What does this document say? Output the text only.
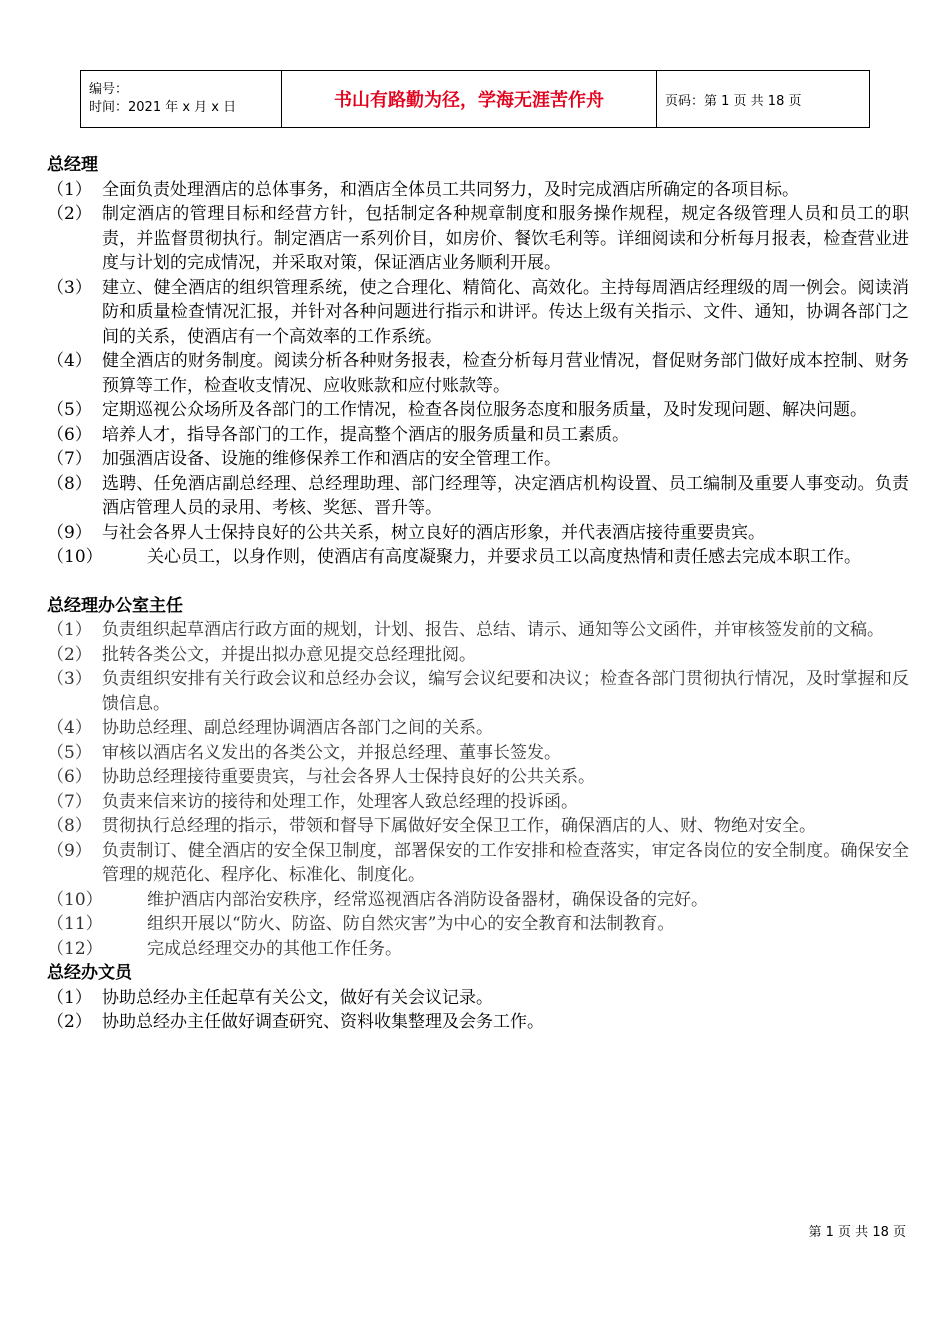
编号：
时间：2021 年 x 月 x 日	书山有路勤为径，学海无涯苦作舟	页码：第 1 页 共 18 页
总经理
（1） 全面负责处理酒店的总体事务，和酒店全体员工共同努力，及时完成酒店所确定的各项目标。
（2） 制定酒店的管理目标和经营方针，包括制定各种规章制度和服务操作规程，规定各级管理人员和员工的职责，并监督贯彻执行。制定酒店一系列价目，如房价、餐饮毛利等。详细阅读和分析每月报表，检查营业进度与计划的完成情况，并采取对策，保证酒店业务顺利开展。
（3） 建立、健全酒店的组织管理系统，使之合理化、精简化、高效化。主持每周酒店经理级的周一例会。阅读消防和质量检查情况汇报，并针对各种问题进行指示和讲评。传达上级有关指示、文件、通知，协调各部门之间的关系，使酒店有一个高效率的工作系统。
（4） 健全酒店的财务制度。阅读分析各种财务报表，检查分析每月营业情况，督促财务部门做好成本控制、财务预算等工作，检查收支情况、应收账款和应付账款等。
（5） 定期巡视公众场所及各部门的工作情况，检查各岗位服务态度和服务质量，及时发现问题、解决问题。
（6） 培养人才，指导各部门的工作，提高整个酒店的服务质量和员工素质。
（7） 加强酒店设备、设施的维修保养工作和酒店的安全管理工作。
（8） 选聘、任免酒店副总经理、总经理助理、部门经理等，决定酒店机构设置、员工编制及重要人事变动。负责酒店管理人员的录用、考核、奖惩、晋升等。
（9） 与社会各界人士保持良好的公共关系，树立良好的酒店形象，并代表酒店接待重要贵宾。
（10）	关心员工，以身作则，使酒店有高度凝聚力，并要求员工以高度热情和责任感去完成本职工作。
总经理办公室主任
（1） 负责组织起草酒店行政方面的规划，计划、报告、总结、请示、通知等公文函件，并审核签发前的文稿。
（2） 批转各类公文，并提出拟办意见提交总经理批阅。
（3） 负责组织安排有关行政会议和总经办会议，编写会议纪要和决议；检查各部门贯彻执行情况，及时掌握和反馈信息。
（4） 协助总经理、副总经理协调酒店各部门之间的关系。
（5） 审核以酒店名义发出的各类公文，并报总经理、董事长签发。
（6） 协助总经理接待重要贵宾，与社会各界人士保持良好的公共关系。
（7） 负责来信来访的接待和处理工作，处理客人致总经理的投诉函。
（8） 贯彻执行总经理的指示，带领和督导下属做好安全保卫工作，确保酒店的人、财、物绝对安全。
（9） 负责制订、健全酒店的安全保卫制度，部署保安的工作安排和检查落实，审定各岗位的安全制度。确保安全管理的规范化、程序化、标准化、制度化。
（10）	维护酒店内部治安秩序，经常巡视酒店各消防设备器材，确保设备的完好。
（11）	组织开展以“防火、防盗、防自然灾害”为中心的安全教育和法制教育。
（12）	完成总经理交办的其他工作任务。
总经办文员
（1） 协助总经办主任起草有关公文，做好有关会议记录。
（2） 协助总经办主任做好调查研究、资料收集整理及会务工作。
第 1 页 共 18 页
